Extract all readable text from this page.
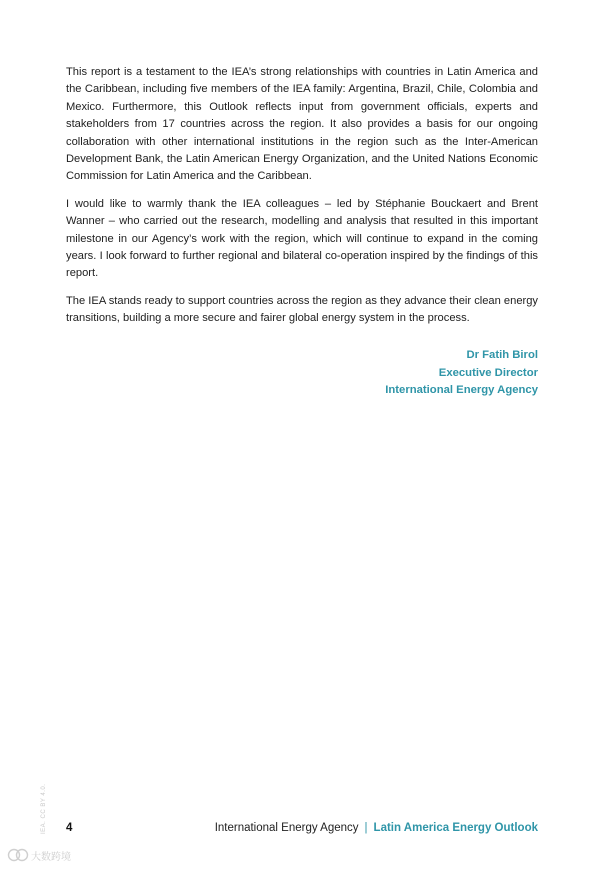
This report is a testament to the IEA’s strong relationships with countries in Latin America and the Caribbean, including five members of the IEA family: Argentina, Brazil, Chile, Colombia and Mexico. Furthermore, this Outlook reflects input from government officials, experts and stakeholders from 17 countries across the region. It also provides a basis for our ongoing collaboration with other international institutions in the region such as the Inter-American Development Bank, the Latin American Energy Organization, and the United Nations Economic Commission for Latin America and the Caribbean.

I would like to warmly thank the IEA colleagues – led by Stéphanie Bouckaert and Brent Wanner – who carried out the research, modelling and analysis that resulted in this important milestone in our Agency’s work with the region, which will continue to expand in the coming years. I look forward to further regional and bilateral co-operation inspired by the findings of this report.

The IEA stands ready to support countries across the region as they advance their clean energy transitions, building a more secure and fairer global energy system in the process.

Dr Fatih Birol
Executive Director
International Energy Agency
IEA. CC BY 4.0. 4	International Energy Agency | Latin America Energy Outlook
大数跨境
